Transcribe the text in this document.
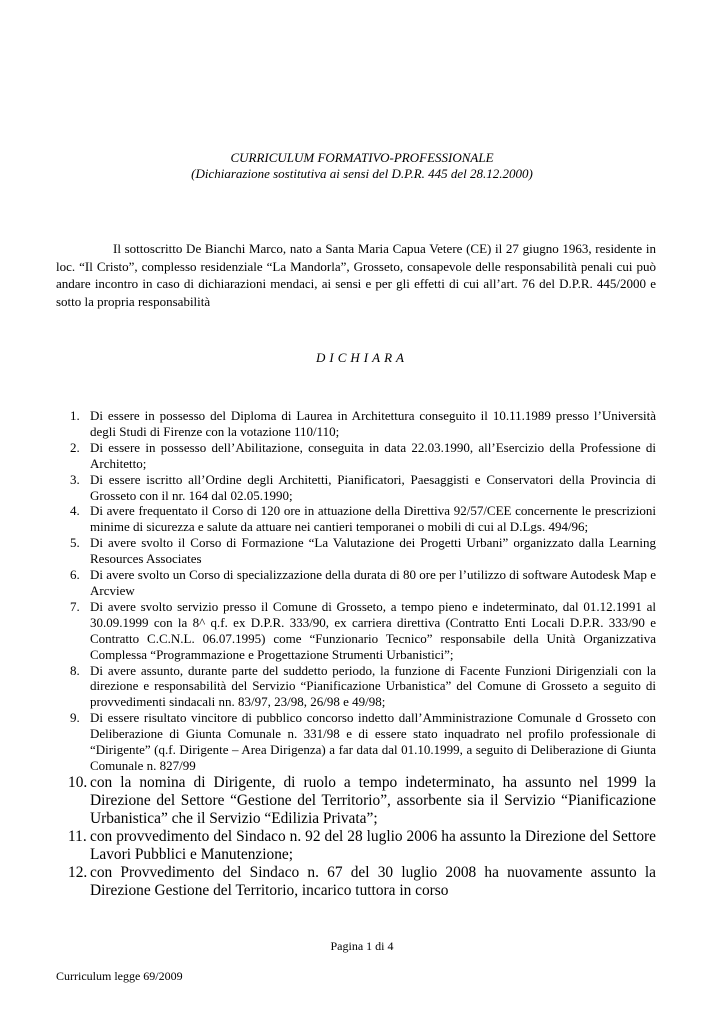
CURRICULUM FORMATIVO-PROFESSIONALE
(Dichiarazione sostitutiva ai sensi del D.P.R. 445 del 28.12.2000)
Il sottoscritto De Bianchi Marco, nato a Santa Maria Capua Vetere (CE) il 27 giugno 1963, residente in loc. “Il Cristo”, complesso residenziale “La Mandorla”, Grosseto, consapevole delle responsabilità penali cui può andare incontro in caso di dichiarazioni mendaci, ai sensi e per gli effetti di cui all’art. 76 del D.P.R. 445/2000 e sotto la propria responsabilità
DICHIARA
1. Di essere in possesso del Diploma di Laurea in Architettura conseguito il 10.11.1989 presso l’Università degli Studi di Firenze con la votazione 110/110;
2. Di essere in possesso dell’Abilitazione, conseguita in data 22.03.1990, all’Esercizio della Professione di Architetto;
3. Di essere iscritto all’Ordine degli Architetti, Pianificatori, Paesaggisti e Conservatori della Provincia di Grosseto con il nr. 164 dal 02.05.1990;
4. Di avere frequentato il Corso di 120 ore in attuazione della Direttiva 92/57/CEE concernente le prescrizioni minime di sicurezza e salute da attuare nei cantieri temporanei o mobili di cui al D.Lgs. 494/96;
5. Di avere svolto il Corso di Formazione “La Valutazione dei Progetti Urbani” organizzato dalla Learning Resources Associates
6. Di avere svolto un Corso di specializzazione della durata di 80 ore per l’utilizzo di software Autodesk Map e Arcview
7. Di avere svolto servizio presso il Comune di Grosseto, a tempo pieno e indeterminato, dal 01.12.1991 al 30.09.1999 con la 8^ q.f. ex D.P.R. 333/90, ex carriera direttiva (Contratto Enti Locali D.P.R. 333/90 e Contratto C.C.N.L. 06.07.1995) come “Funzionario Tecnico” responsabile della Unità Organizzativa Complessa “Programmazione e Progettazione Strumenti Urbanistici”;
8. Di avere assunto, durante parte del suddetto periodo, la funzione di Facente Funzioni Dirigenziali con la direzione e responsabilità del Servizio “Pianificazione Urbanistica” del Comune di Grosseto a seguito di provvedimenti sindacali nn. 83/97, 23/98, 26/98 e 49/98;
9. Di essere risultato vincitore di pubblico concorso indetto dall’Amministrazione Comunale d Grosseto con Deliberazione di Giunta Comunale n. 331/98 e di essere stato inquadrato nel profilo professionale di “Dirigente” (q.f. Dirigente – Area Dirigenza) a far data dal 01.10.1999, a seguito di Deliberazione di Giunta Comunale n. 827/99
10. con la nomina di Dirigente, di ruolo a tempo indeterminato, ha assunto nel 1999 la Direzione del Settore “Gestione del Territorio”, assorbente sia il Servizio “Pianificazione Urbanistica” che il Servizio “Edilizia Privata”;
11. con provvedimento del Sindaco n. 92 del 28 luglio 2006 ha assunto la Direzione del Settore Lavori Pubblici e Manutenzione;
12. con Provvedimento del Sindaco n. 67 del 30 luglio 2008 ha nuovamente assunto la Direzione Gestione del Territorio, incarico tuttora in corso
Pagina 1 di 4
Curriculum legge 69/2009
